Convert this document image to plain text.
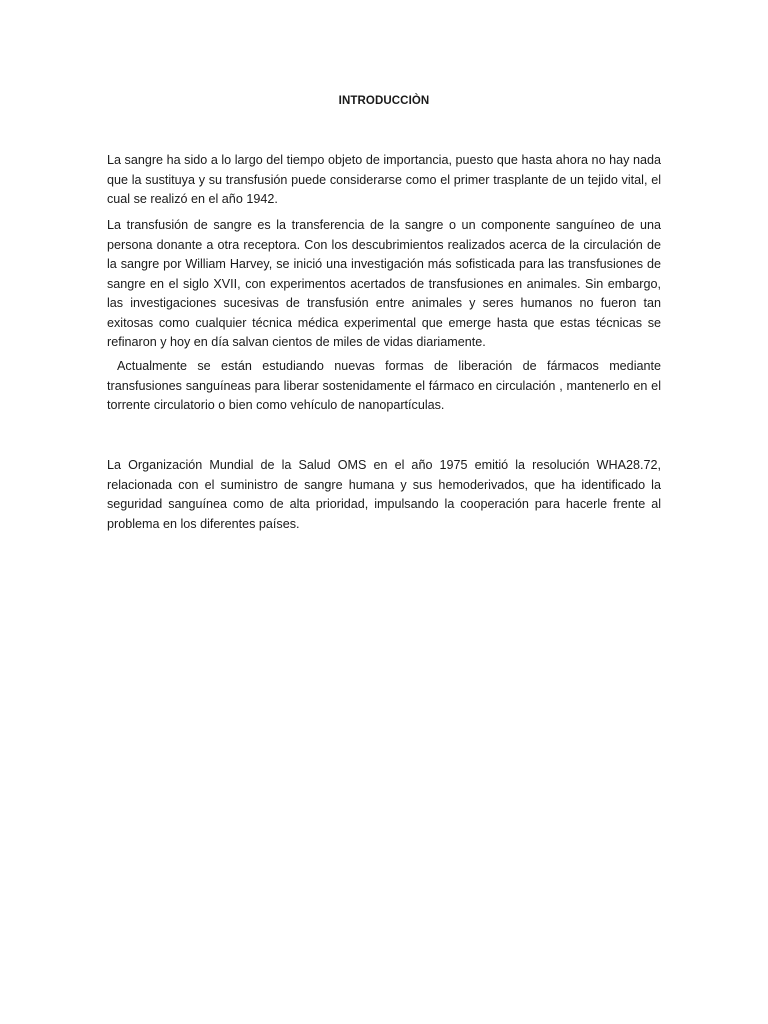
INTRODUCCIÒN

La sangre ha sido a lo largo del tiempo objeto de importancia, puesto que hasta ahora no hay nada que la sustituya y su transfusión puede considerarse como el primer trasplante de un tejido vital, el cual se realizó en el año 1942.

La transfusión de sangre es la transferencia de la sangre o un componente sanguíneo de una persona donante a otra receptora. Con los descubrimientos realizados acerca de la circulación de la sangre por William Harvey, se inició una investigación más sofisticada para las transfusiones de sangre en el siglo XVII, con experimentos acertados de transfusiones en animales. Sin embargo, las investigaciones sucesivas de transfusión entre animales y seres humanos no fueron tan exitosas como cualquier técnica médica experimental que emerge hasta que estas técnicas se refinaron y hoy en día salvan cientos de miles de vidas diariamente.

Actualmente se están estudiando nuevas formas de liberación de fármacos mediante transfusiones sanguíneas para liberar sostenidamente el fármaco en circulación , mantenerlo en el torrente circulatorio o bien como vehículo de nanopartículas.

La Organización Mundial de la Salud OMS en el año 1975 emitió la resolución WHA28.72, relacionada con el suministro de sangre humana y sus hemoderivados, que ha identificado la seguridad sanguínea como de alta prioridad, impulsando la cooperación para hacerle frente al problema en los diferentes países.
